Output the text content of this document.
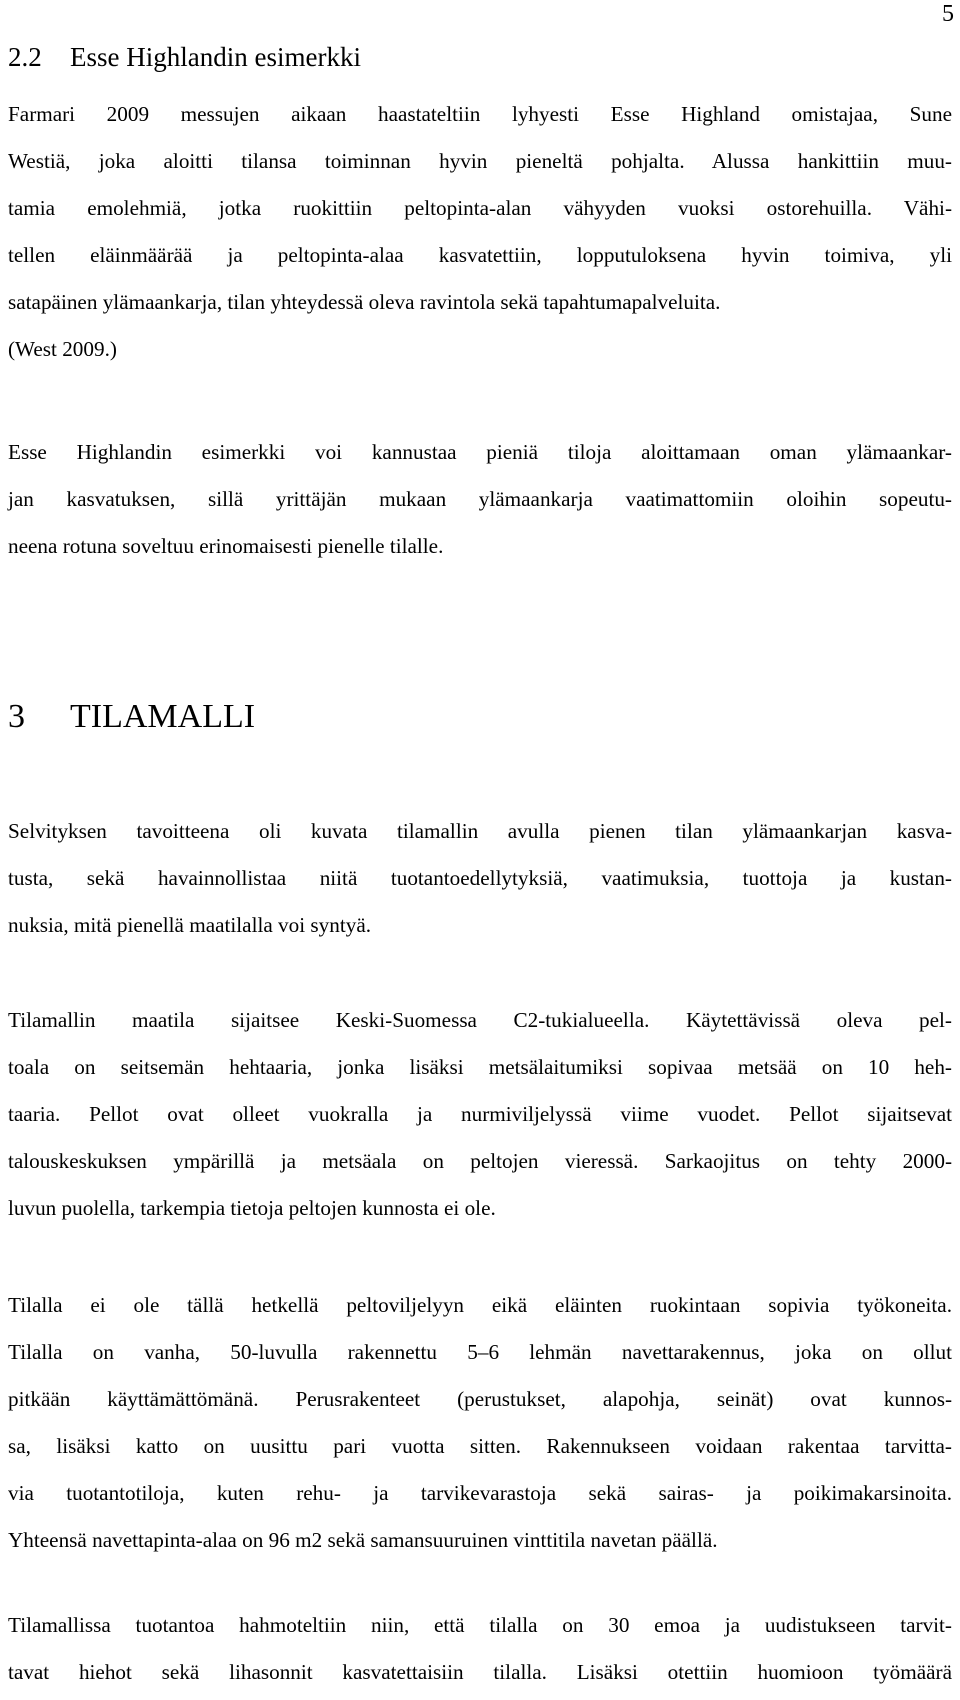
5
2.2 Esse Highlandin esimerkki

Farmari 2009 messujen aikaan haastateltiin lyhyesti Esse Highland omistajaa, Sune
Westiä, joka aloitti tilansa toiminnan hyvin pieneltä pohjalta. Alussa hankittiin muu-
tamia emolehmiä, jotka ruokittiin peltopinta-alan vähyyden vuoksi ostorehuilla. Vähi-
tellen eläinmäärää ja peltopinta-alaa kasvatettiin, lopputuloksena hyvin toimiva, yli
satapäinen ylämaankarja, tilan yhteydessä oleva ravintola sekä tapahtumapalveluita.
(West 2009.)

Esse Highlandin esimerkki voi kannustaa pieniä tiloja aloittamaan oman ylämaankar-
jan kasvatuksen, sillä yrittäjän mukaan ylämaankarja vaatimattomiin oloihin sopeutu-
neena rotuna soveltuu erinomaisesti pienelle tilalle.

3 TILAMALLI

Selvityksen tavoitteena oli kuvata tilamallin avulla pienen tilan ylämaankarjan kasva-
tusta, sekä havainnollistaa niitä tuotantoedellytyksiä, vaatimuksia, tuottoja ja kustan-
nuksia, mitä pienellä maatilalla voi syntyä.

Tilamallin maatila sijaitsee Keski-Suomessa C2-tukialueella. Käytettävissä oleva pel-
toala on seitsemän hehtaaria, jonka lisäksi metsälaitumiksi sopivaa metsää on 10 heh-
taaria. Pellot ovat olleet vuokralla ja nurmiviljelyssä viime vuodet. Pellot sijaitsevat
talouskeskuksen ympärillä ja metsäala on peltojen vieressä. Sarkaojitus on tehty 2000-
luvun puolella, tarkempia tietoja peltojen kunnosta ei ole.

Tilalla ei ole tällä hetkellä peltoviljelyyn eikä eläinten ruokintaan sopivia työkoneita.
Tilalla on vanha, 50-luvulla rakennettu 5–6 lehmän navettarakennus, joka on ollut
pitkään käyttämättömänä. Perusrakenteet (perustukset, alapohja, seinät) ovat kunnos-
sa, lisäksi katto on uusittu pari vuotta sitten. Rakennukseen voidaan rakentaa tarvitta-
via tuotantotiloja, kuten rehu- ja tarvikevarastoja sekä sairas- ja poikimakarsinoita.
Yhteensä navettapinta-alaa on 96 m2 sekä samansuuruinen vinttitila navetan päällä.

Tilamallissa tuotantoa hahmoteltiin niin, että tilalla on 30 emoa ja uudistukseen tarvit-
tavat hiehot sekä lihasonnit kasvatettaisiin tilalla. Lisäksi otettiin huomioon työmäärä
